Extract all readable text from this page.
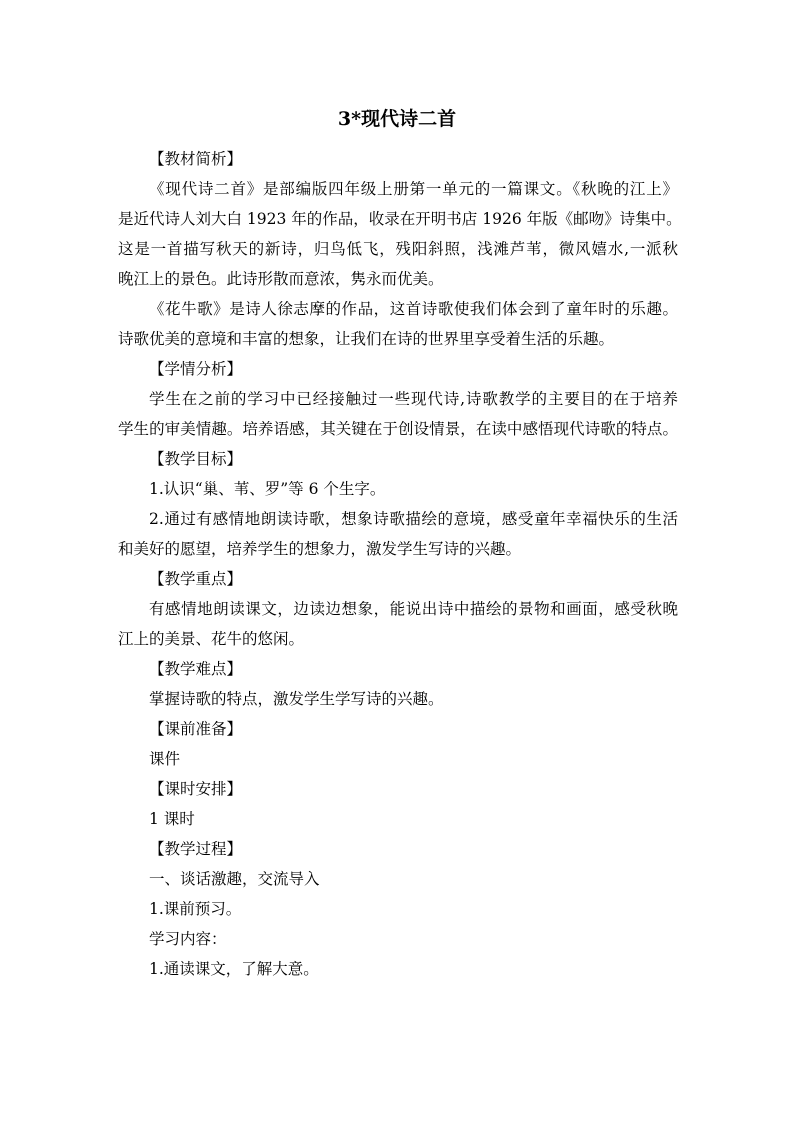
3*现代诗二首
【教材简析】
《现代诗二首》是部编版四年级上册第一单元的一篇课文。《秋晚的江上》
是近代诗人刘大白 1923 年的作品，收录在开明书店 1926 年版《邮吻》诗集中。
这是一首描写秋天的新诗，归鸟低飞，残阳斜照，浅滩芦苇，微风嬉水,一派秋
晚江上的景色。此诗形散而意浓，隽永而优美。
《花牛歌》是诗人徐志摩的作品，这首诗歌使我们体会到了童年时的乐趣。
诗歌优美的意境和丰富的想象，让我们在诗的世界里享受着生活的乐趣。
【学情分析】
学生在之前的学习中已经接触过一些现代诗,诗歌教学的主要目的在于培养
学生的审美情趣。培养语感，其关键在于创设情景，在读中感悟现代诗歌的特点。
【教学目标】
1.认识“巢、苇、罗”等 6 个生字。
2.通过有感情地朗读诗歌，想象诗歌描绘的意境，感受童年幸福快乐的生活
和美好的愿望，培养学生的想象力，激发学生写诗的兴趣。
【教学重点】
有感情地朗读课文，边读边想象，能说出诗中描绘的景物和画面，感受秋晚
江上的美景、花牛的悠闲。
【教学难点】
掌握诗歌的特点，激发学生学写诗的兴趣。
【课前准备】
课件
【课时安排】
1 课时
【教学过程】
一、谈话激趣，交流导入
1.课前预习。
学习内容：
1.通读课文，了解大意。
